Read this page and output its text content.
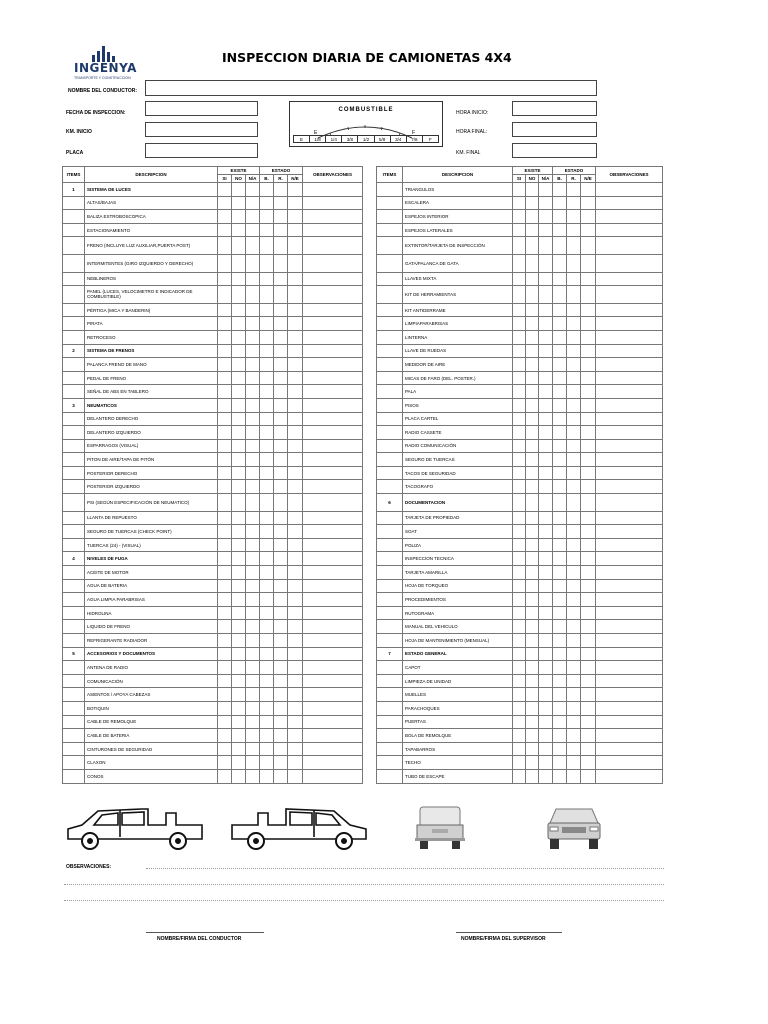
INGENYA
TRANSPORTE Y CONSTRUCCION
INSPECCION DIARIA DE CAMIONETAS 4X4
NOMBRE DEL CONDUCTOR:
FECHA DE INSPECCION:
KM. INICIO
PLACA
HORA INICIO:
HORA FINAL:
KM. FINAL
COMBUSTIBLE
E	F
E	1/8	1/4	3/8	1/2	5/8	3/4	7/8	F
ITEMS	DESCRIPCION	EXISTE			ESTADO			OBSERVACIONES
		SI	NO	N/A	B.	R.	N/E	
1	SISTEMA DE LUCES							
	ALTAS/BAJAS							
	BALIZA ESTROBOSCOPICA							
	ESTACIONAMIENTO							
	FRENO (INCLUYE LUZ AUXILIAR,PUERTA POST)							
	INTERMITENTES (GIRO IZQUIERDO Y DERECHO)							
	NEBLINEROS							
	PANEL (LUCES, VELOCIMETRO E INDICADOR DE COMBUSTIBLE)							
	PÉRTIGA (MICA Y BANDERIN)							
	PIRATA							
	RETROCESO							
2	SISTEMA DE FRENOS							
	PALANCA FRENO DE MANO							
	PEDAL DE FRENO							
	SEÑAL DE ABS EN TABLERO							
3	NEUMATICOS							
	DELANTERO DERECHO							
	DELANTERO IZQUIERDO							
	ESPARRAGOS (VISUAL)							
	PITON DE AIRE/TAPA DE PITÓN							
	POSTERIOR DERECHO							
	POSTERIOR IZQUIERDO							
	PSI (SEGÚN ESPECIFICACIÓN DE NEUMATICO)							
	LLANTA DE REPUESTO							
	SEGURO DE TUERCAS (CHECK POINT)							
	TUERCAS (24) - (VISUAL)							
4	NIVELES DE FUGA							
	ACEITE DE MOTOR							
	AGUA DE BATERIA							
	AGUA LIMPIA PARABRISAS							
	HIDROLINA							
	LIQUIDO DE FRENO							
	REFRIGERANTE RADIADOR							
5	ACCESORIOS Y DOCUMENTOS							
	ANTENA DE RADIO							
	COMUNICACIÓN							
	ASIENTOS / APOYA CABEZAS							
	BOTIQUIN							
	CABLE DE REMOLQUE							
	CABLE DE BATERIA							
	CINTURONES DE SEGURIDAD							
	CLAXON							
	CONOS							
ITEMS	DESCRIPCION	EXISTE			ESTADO			OBSERVACIONES
		SI	NO	N/A	B.	R.	N/E	
	TRIANGULOS							
	ESCALERA							
	ESPEJOS INTERIOR							
	ESPEJOS LATERALES							
	EXTINTOR/TARJETA DE INSPECCIÓN							
	GATA/PALANCA DE GATA							
	LLAVES MIXTA							
	KIT DE HERRAMIENTAS							
	KIT ANTIDERRAME							
	LIMPIAPARABRISAS							
	LINTERNA							
	LLAVE DE RUEDAS							
	MEDIDOR DE AIRE							
	MICAS DE FARO (DEL. POSTER.)							
	PALA							
	PISOS							
	PLACA CARTEL							
	RADIO CASSETE							
	RADIO COMUNICACIÓN							
	SEGURO DE TUERCAS							
	TACOS DE SEGURIDAD							
	TACOGRAFO							
6	DOCUMENTACION							
	TARJETA DE PROPIEDAD							
	SOAT							
	POLIZA							
	INSPECCION TECNICA							
	TARJETA AMARILLA							
	HOJA DE TORQUEO							
	PROCEDIMIENTOS							
	RUTOGRAMA							
	MANUAL DEL VEHICULO							
	HOJA DE MANTENIMIENTO (MENSUAL)							
7	ESTADO GENERAL							
	CAPOT							
	LIMPIEZA DE UNIDAD							
	MUELLES							
	PARACHOQUES							
	PUERTAS							
	BOLA DE REMOLQUE							
	TAPABARROS							
	TECHO							
	TUBO DE ESCAPE							
OBSERVACIONES:
NOMBRE/FIRMA DEL CONDUCTOR	NOMBRE/FIRMA DEL SUPERVISOR
